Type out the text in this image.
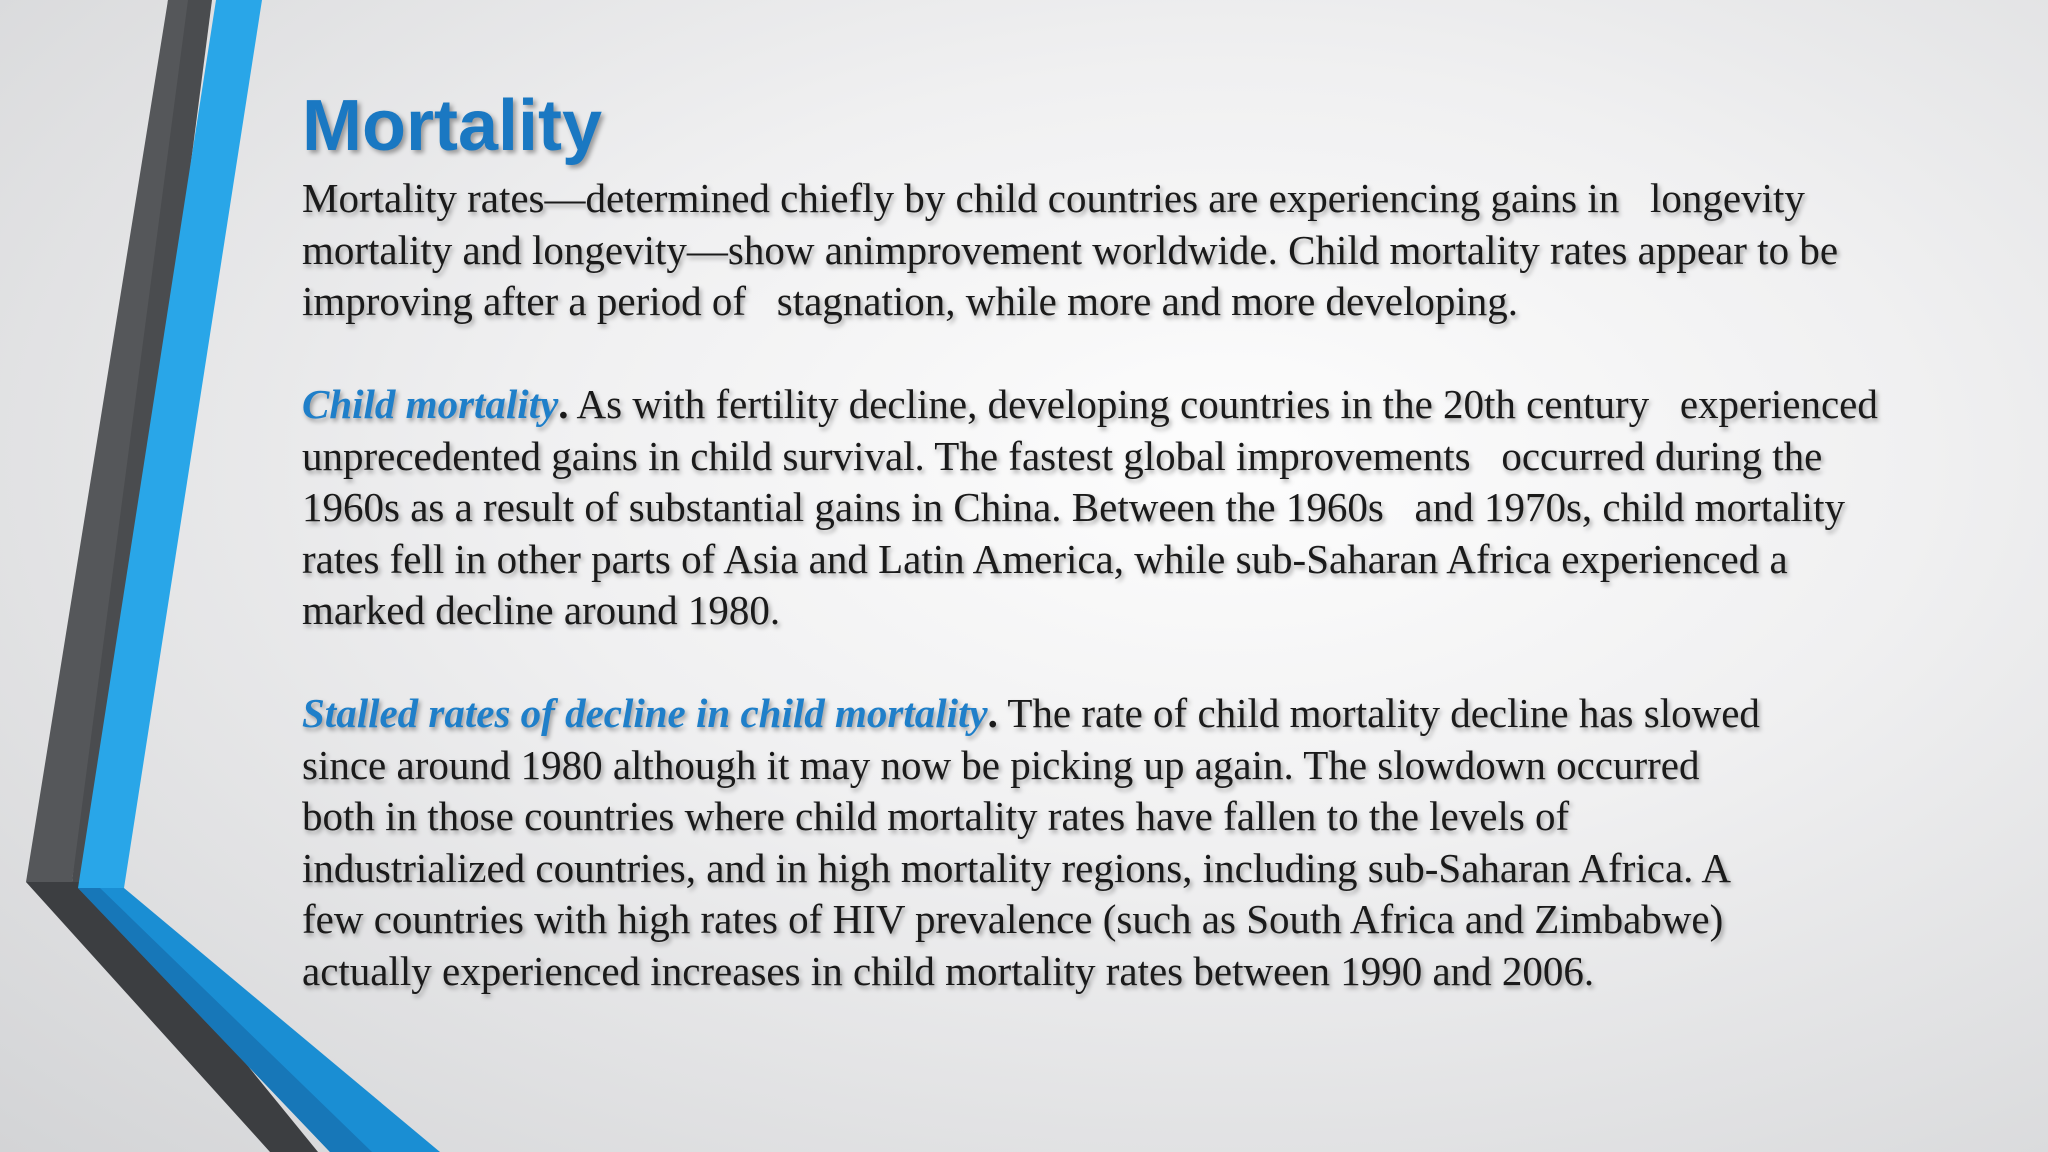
Mortality

Mortality rates—determined chiefly by child countries are experiencing gains in   longevity
mortality and longevity—show animprovement worldwide. Child mortality rates appear to be
improving after a period of   stagnation, while more and more developing.

Child mortality. As with fertility decline, developing countries in the 20th century   experienced
unprecedented gains in child survival. The fastest global improvements   occurred during the
1960s as a result of substantial gains in China. Between the 1960s   and 1970s, child mortality
rates fell in other parts of Asia and Latin America, while sub-Saharan Africa experienced a
marked decline around 1980.

Stalled rates of decline in child mortality. The rate of child mortality decline has slowed
since around 1980 although it may now be picking up again. The slowdown occurred
both in those countries where child mortality rates have fallen to the levels of
industrialized countries, and in high mortality regions, including sub-Saharan Africa. A
few countries with high rates of HIV prevalence (such as South Africa and Zimbabwe)
actually experienced increases in child mortality rates between 1990 and 2006.
